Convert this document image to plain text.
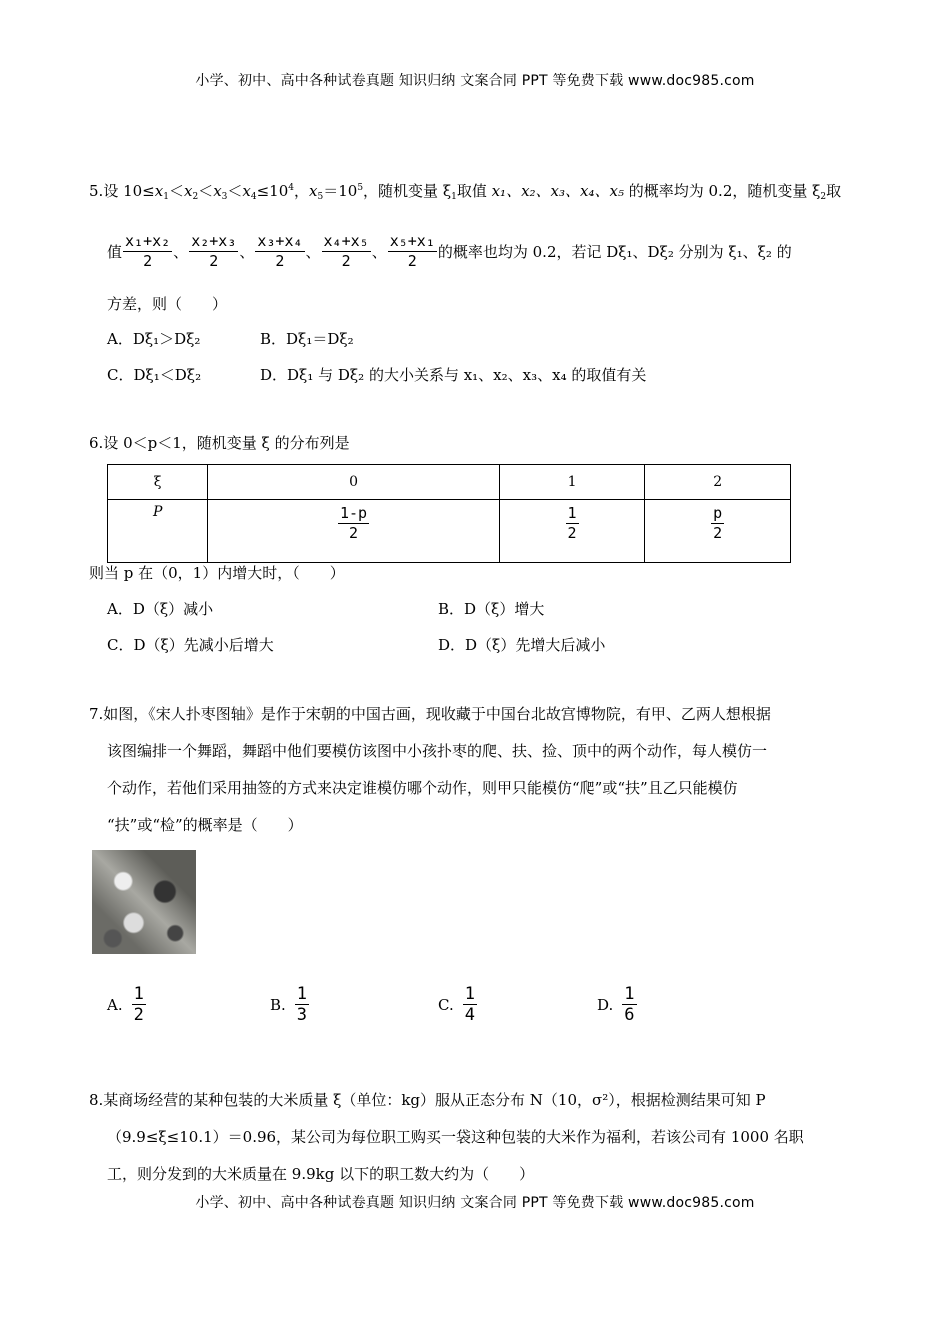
小学、初中、高中各种试卷真题 知识归纳 文案合同 PPT 等免费下载 www.doc985.com
5.设 $10\le x_1<x_2<x_3<x_4\le 10^4$，$x_5=10^5$，随机变量 $\xi_1$取值 x₁、x₂、x₃、x₄、x₅ 的概率均为 0.2，随机变量 $\xi_2$取
值 $\frac{\text{x₁+x₂}}{2}$ 、 $\frac{\text{x₂+x₃}}{2}$ 、 $\frac{\text{x₃+x₄}}{2}$ 、 $\frac{\text{x₄+x₅}}{2}$ 、 $\frac{\text{x₅+x₁}}{2}$ 的概率也均为 0.2，若记 Dξ₁、Dξ₂ 分别为 ξ₁、ξ₂ 的
方差，则（　　）
A．Dξ₁＞Dξ₂	B．Dξ₁＝Dξ₂
C．Dξ₁＜Dξ₂	D．Dξ₁ 与 Dξ₂ 的大小关系与 x₁、x₂、x₃、x₄ 的取值有关
6.设 0＜p＜1，随机变量 ξ 的分布列是
ξ	0	1	2
P	$\frac{1-p}{2}$	$\frac{1}{2}$	$\frac{p}{2}$
则当 p 在（0，1）内增大时，（　　）
A．D（ξ）减小	B．D（ξ）增大
C．D（ξ）先减小后增大	D．D（ξ）先增大后减小
7.如图，《宋人扑枣图轴》是作于宋朝的中国古画，现收藏于中国台北故宫博物院，有甲、乙两人想根据
该图编排一个舞蹈，舞蹈中他们要模仿该图中小孩扑枣的爬、扶、捡、顶中的两个动作，每人模仿一
个动作，若他们采用抽签的方式来决定谁模仿哪个动作，则甲只能模仿“爬”或“扶”且乙只能模仿
“扶”或“检”的概率是（　　）
A. $\frac{1}{2}$	B. $\frac{1}{3}$	C. $\frac{1}{4}$	D. $\frac{1}{6}$
8.某商场经营的某种包装的大米质量 ξ（单位：kg）服从正态分布 N（10，σ²），根据检测结果可知 P
（9.9≤ξ≤10.1）＝0.96，某公司为每位职工购买一袋这种包装的大米作为福利，若该公司有 1000 名职
工，则分发到的大米质量在 9.9kg 以下的职工数大约为（　　）
小学、初中、高中各种试卷真题 知识归纳 文案合同 PPT 等免费下载 www.doc985.com
